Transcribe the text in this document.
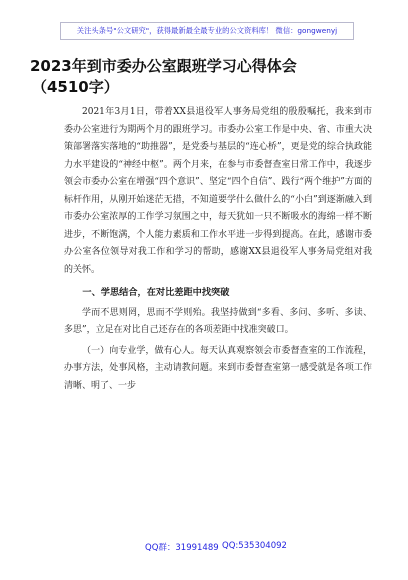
关注头条号"公文研究"，获得最新最全最专业的公文资料库！ 微信：gongwenyj
2023年到市委办公室跟班学习心得体会
（4510字）

2021年3月1日，带着XX县退役军人事务局党组的殷殷嘱托，我来到市委办公室进行为期两个月的跟班学习。市委办公室工作是中央、省、市重大决策部署落实落地的“助推器”，是党委与基层的“连心桥”，更是党的综合执政能力水平建设的“神经中枢”。两个月来，在参与市委督查室日常工作中，我逐步领会市委办公室在增强“四个意识”、坚定“四个自信”、践行“两个维护”方面的标杆作用，从刚开始迷茫无措，不知道要学什么做什么的“小白”到逐渐融入到市委办公室浓厚的工作学习氛围之中，每天犹如一只不断吸水的海绵一样不断进步，不断饱满，个人能力素质和工作水平进一步得到提高。在此，感谢市委办公室各位领导对我工作和学习的帮助，感谢XX县退役军人事务局党组对我的关怀。

一、学思结合，在对比差距中找突破

学而不思则罔，思而不学则殆。我坚持做到“多看、多问、多听、多读、多思”，立足在对比自己还存在的各项差距中找准突破口。

（一）向专业学，做有心人。每天认真观察领会市委督查室的工作流程，办事方法，处事风格，主动请教问题。来到市委督查室第一感受就是各项工作清晰、明了、一步

QQ群：31991489 QQ:535304092
